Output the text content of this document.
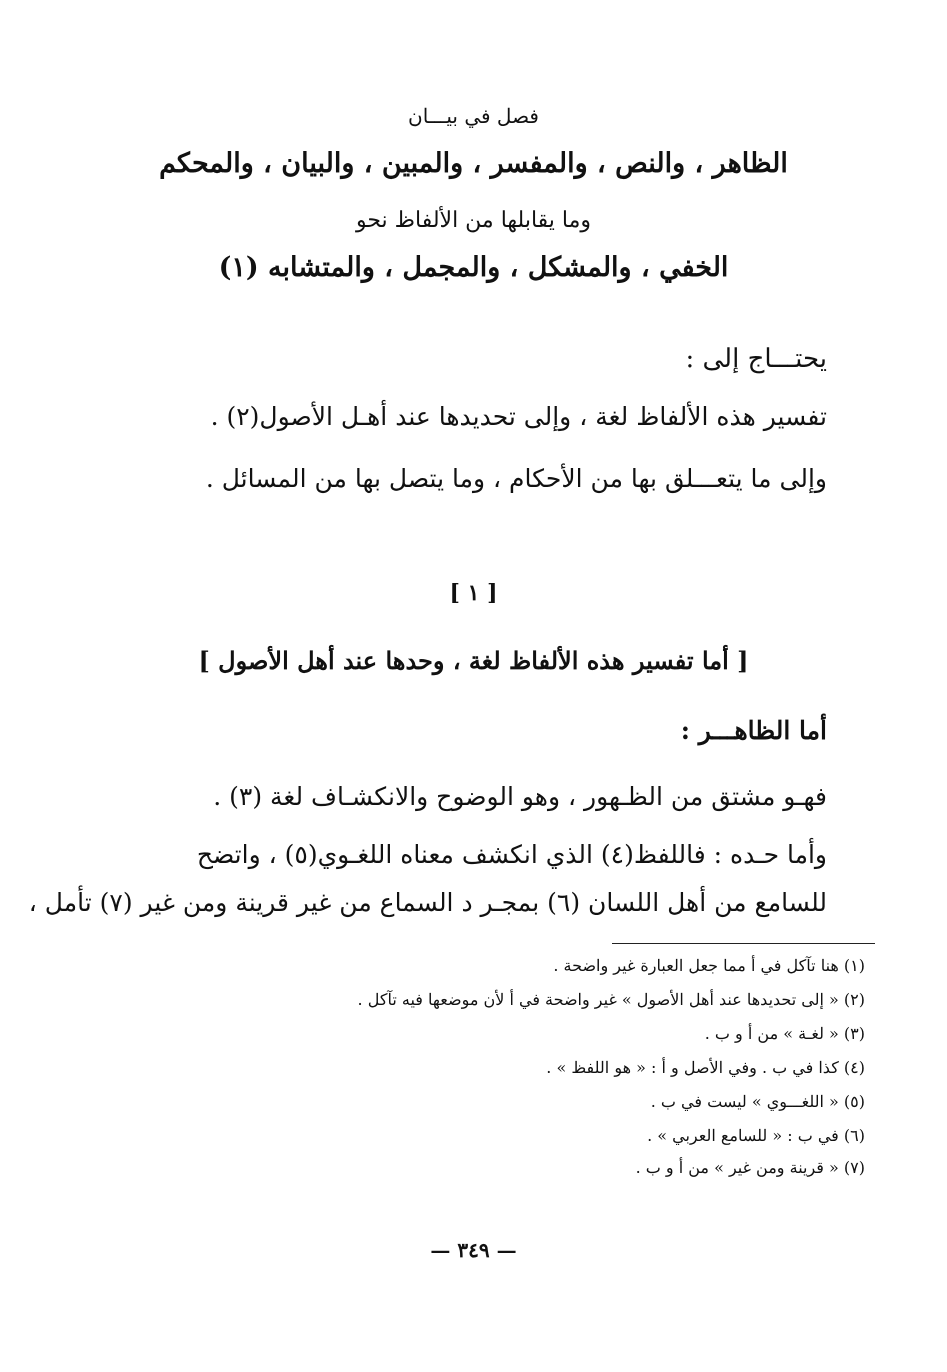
فصل في بيـــان
الظاهر ، والنص ، والمفسر ، والمبين ، والبيان ، والمحكم
وما يقابلها من الألفاظ نحو
الخفي ، والمشكل ، والمجمل ، والمتشابه (١)
يحتـــاج إلى :
تفسير هذه الألفاظ لغة ، وإلى تحديدها عند أهـل الأصول(٢) .
وإلى ما يتعـــلق بها من الأحكام ، وما يتصل بها من المسائل .
[ ١ ]
[ أما تفسير هذه الألفاظ لغة ، وحدها عند أهل الأصول ]
أما الظاهـــر :
فهـو مشتق من الظـهور ، وهو الوضوح والانكشـاف لغة (٣) .
وأما حـده : فاللفظ(٤) الذي انكشف معناه اللغـوي(٥) ، واتضح
للسامع من أهل اللسان (٦) بمجـر د السماع من غير قرينة ومن غير (٧) تأمل ،
(١) هنا تآكل في أ مما جعل العبارة غير واضحة .
(٢) « إلى تحديدها عند أهل الأصول » غير واضحة في أ لأن موضعها فيه تآكل .
(٣) « لغـة » من أ و ب .
(٤) كذا في ب . وفي الأصل و أ : « هو اللفظ » .
(٥) « اللغـــوي » ليست في ب .
(٦) في ب : « للسامع العربي » .
(٧) « قرينة ومن غير » من أ و ب .
— ٣٤٩ —
